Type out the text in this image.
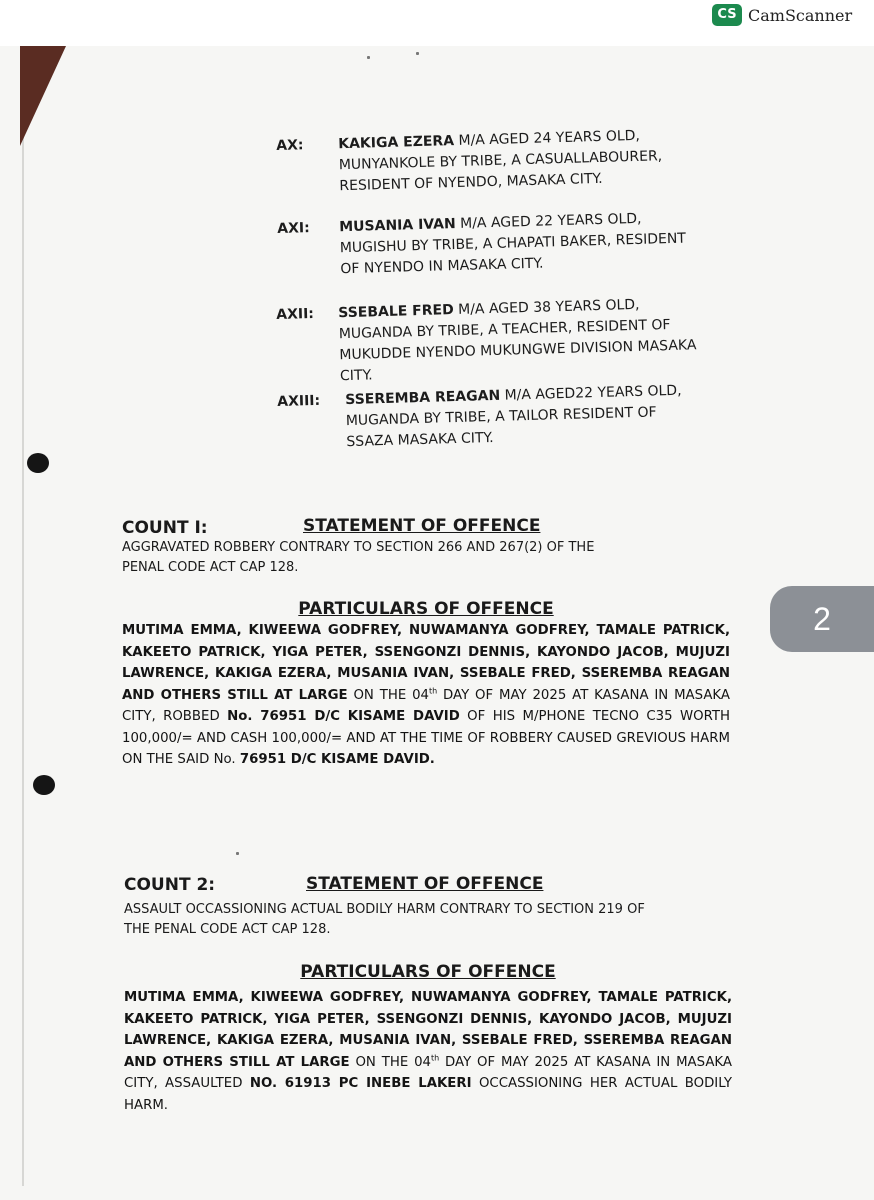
AX: KAKIGA EZERA M/A AGED 24 YEARS OLD,
MUNYANKOLE BY TRIBE, A CASUALLABOURER,
RESIDENT OF NYENDO, MASAKA CITY.
AXI: MUSANIA IVAN M/A AGED 22 YEARS OLD,
MUGISHU BY TRIBE, A CHAPATI BAKER, RESIDENT
OF NYENDO IN MASAKA CITY.
AXII: SSEBALE FRED M/A AGED 38 YEARS OLD,
MUGANDA BY TRIBE, A TEACHER, RESIDENT OF
MUKUDDE NYENDO MUKUNGWE DIVISION MASAKA
CITY.
AXIII: SSEREMBA REAGAN M/A AGED22 YEARS OLD,
MUGANDA BY TRIBE, A TAILOR RESIDENT OF
SSAZA MASAKA CITY.
COUNT I:	STATEMENT OF OFFENCE
AGGRAVATED ROBBERY CONTRARY TO SECTION 266 AND 267(2) OF THE
PENAL CODE ACT CAP 128.
PARTICULARS OF OFFENCE
MUTIMA EMMA, KIWEEWA GODFREY, NUWAMANYA GODFREY, TAMALE PATRICK, KAKEETO PATRICK, YIGA PETER, SSENGONZI DENNIS, KAYONDO JACOB, MUJUZI LAWRENCE, KAKIGA EZERA, MUSANIA IVAN, SSEBALE FRED, SSEREMBA REAGAN AND OTHERS STILL AT LARGE ON THE 04th DAY OF MAY 2025 AT KASANA IN MASAKA CITY, ROBBED No. 76951 D/C KISAME DAVID OF HIS M/PHONE TECNO C35 WORTH 100,000/= AND CASH 100,000/= AND AT THE TIME OF ROBBERY CAUSED GREVIOUS HARM ON THE SAID No. 76951 D/C KISAME DAVID.
COUNT 2:	STATEMENT OF OFFENCE
ASSAULT OCCASSIONING ACTUAL BODILY HARM CONTRARY TO SECTION 219 OF
THE PENAL CODE ACT CAP 128.
PARTICULARS OF OFFENCE
MUTIMA EMMA, KIWEEWA GODFREY, NUWAMANYA GODFREY, TAMALE PATRICK, KAKEETO PATRICK, YIGA PETER, SSENGONZI DENNIS, KAYONDO JACOB, MUJUZI LAWRENCE, KAKIGA EZERA, MUSANIA IVAN, SSEBALE FRED, SSEREMBA REAGAN AND OTHERS STILL AT LARGE ON THE 04th DAY OF MAY 2025 AT KASANA IN MASAKA CITY, ASSAULTED NO. 61913 PC INEBE LAKERI OCCASSIONING HER ACTUAL BODILY HARM.
CS CamScanner
2
